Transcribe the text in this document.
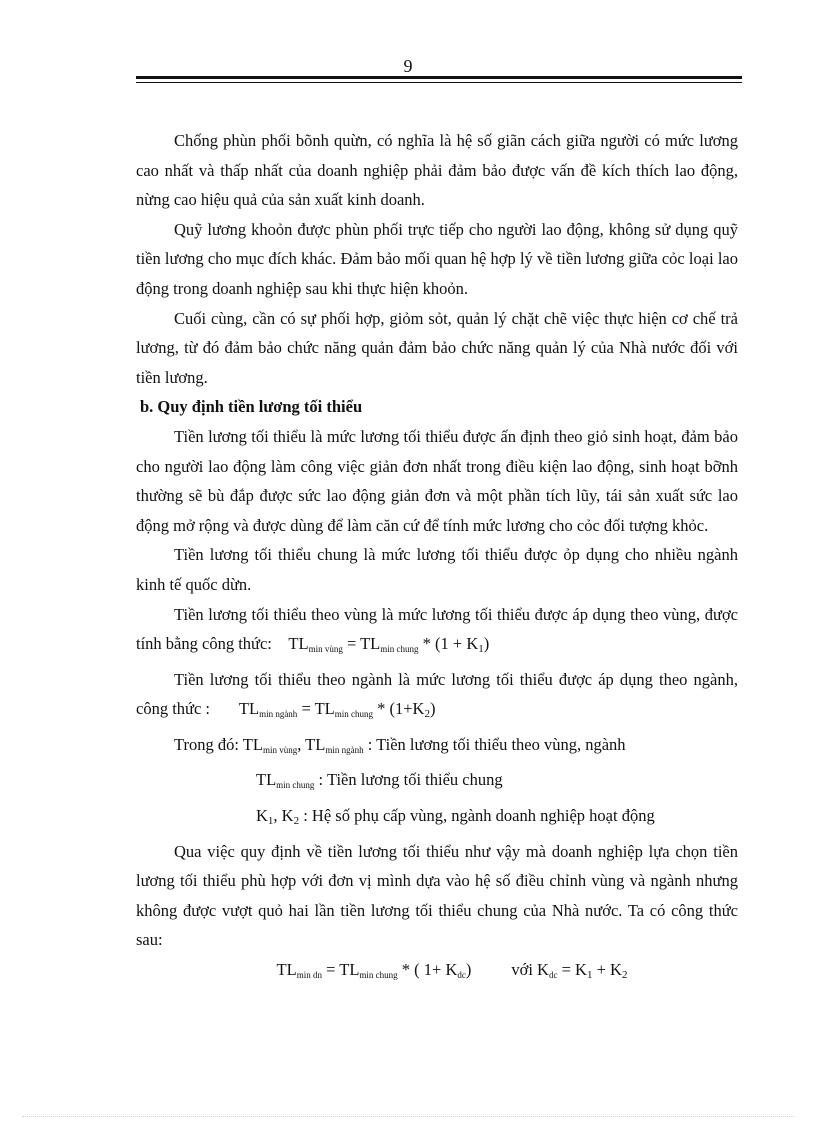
9

Chống phùn phối bõnh quừn, có nghĩa là hệ số giãn cách giữa người có mức lương cao nhất và thấp nhất của doanh nghiệp phải đảm bảo được vấn đề kích thích lao động, nừng cao hiệu quả của sản xuất kinh doanh.

Quỹ lương khoỏn được phùn phối trực tiếp cho người lao động, không sử dụng quỹ tiền lương cho mục đích khác. Đảm bảo mối quan hệ hợp lý về tiền lương giữa cỏc loại lao động trong doanh nghiệp sau khi thực hiện khoỏn.

Cuối cùng, cần có sự phối hợp, giỏm sỏt, quản lý chặt chẽ việc thực hiện cơ chế trả lương, từ đó đảm bảo chức năng quản đảm bảo chức năng quản lý của Nhà nước đối với tiền lương.

b. Quy định tiền lương tối thiểu

Tiền lương tối thiểu là mức lương tối thiểu được ấn định theo giỏ sinh hoạt, đảm bảo cho người lao động làm công việc giản đơn nhất trong điều kiện lao động, sinh hoạt bỡnh thường sẽ bù đắp được sức lao động giản đơn và một phần tích lũy, tái sản xuất sức lao động mở rộng và được dùng để làm căn cứ để tính mức lương cho cỏc đối tượng khỏc.

Tiền lương tối thiểu chung là mức lương tối thiểu được ỏp dụng cho nhiều ngành kinh tế quốc dừn.

Tiền lương tối thiểu theo vùng là mức lương tối thiểu được áp dụng theo vùng, được tính bằng công thức:    $TL_{min vùng} = TL_{min chung} * (1 + K_1)$

Tiền lương tối thiểu theo ngành là mức lương tối thiểu được áp dụng theo ngành, công thức :       $TL_{min ngành} = TL_{min chung} * (1+K_2)$

Trong đó: $TL_{min vùng}$, $TL_{min ngành}$ : Tiền lương tối thiểu theo vùng, ngành
$TL_{min chung}$ : Tiền lương tối thiểu chung
$K_1$, $K_2$ : Hệ số phụ cấp vùng, ngành doanh nghiệp hoạt động

Qua việc quy định về tiền lương tối thiểu như vậy mà doanh nghiệp lựa chọn tiền lương tối thiểu phù hợp với đơn vị mình dựa vào hệ số điều chỉnh vùng và ngành nhưng không được vượt quỏ hai lần tiền lương tối thiểu chung của Nhà nước. Ta có công thức sau:

$TL_{min dn} = TL_{min chung}$ * ( $1+ K_{dc}$) với $K_{dc} = K_1 + K_2$
